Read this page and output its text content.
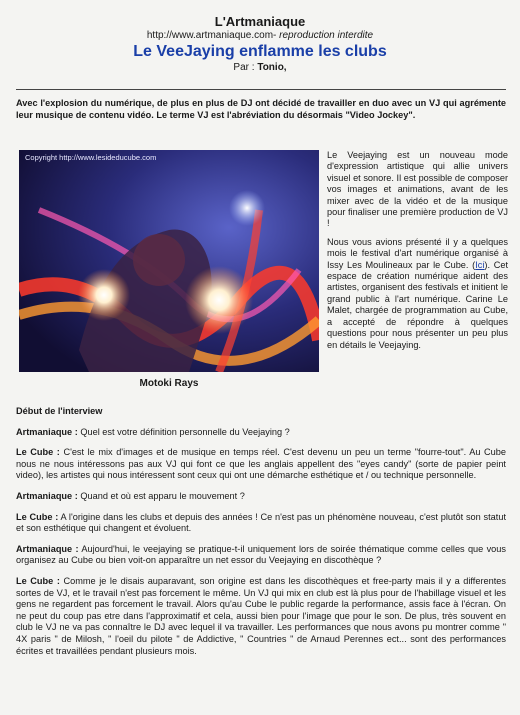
L'Artmaniaque
http://www.artmaniaque.com- reproduction interdite
Le VeeJaying enflamme les clubs
Par : Tonio,
Avec l'explosion du numérique, de plus en plus de DJ ont décidé de travailler en duo avec un VJ qui agrémente leur musique de contenu vidéo. Le terme VJ est l'abréviation du désormais "Video Jockey".
Copyright http://www.lesideducube.com
Motoki Rays

Le Veejaying est un nouveau mode d'expression artistique qui allie univers visuel et sonore. Il est possible de composer vos images et animations, avant de les mixer avec de la vidéo et de la musique pour finaliser une première production de VJ !

Nous vous avions présenté il y a quelques mois le festival d'art numérique organisé à Issy Les Moulineaux par le Cube. (Ici). Cet espace de création numérique aident des artistes, organisent des festivals et initient le grand public à l'art numérique. Carine Le Malet, chargée de programmation au Cube, a accepté de répondre à quelques questions pour nous présenter un peu plus en détails le Veejaying.

Début de l'interview

Artmaniaque : Quel est votre définition personnelle du Veejaying ?

Le Cube : C'est le mix d'images et de musique en temps réel. C'est devenu un peu un terme "fourre-tout". Au Cube nous ne nous intéressons pas aux VJ qui font ce que les anglais appellent des "eyes candy" (sorte de papier peint video), les artistes qui nous intéressent sont ceux qui ont une démarche esthétique et / ou technique personnelle.

Artmaniaque : Quand et où est apparu le mouvement ?

Le Cube : A l'origine dans les clubs et depuis des années ! Ce n'est pas un phénomène nouveau, c'est plutôt son statut et son esthétique qui changent et évoluent.

Artmaniaque : Aujourd'hui, le veejaying se pratique-t-il uniquement lors de soirée thématique comme celles que vous organisez au Cube ou bien voit-on apparaître un net essor du Veejaying en discothèque ?

Le Cube : Comme je le disais auparavant, son origine est dans les discothèques et free-party mais il y a differentes sortes de VJ, et le travail n'est pas forcement le même. Un VJ qui mix en club est là plus pour de l'habillage visuel et les gens ne regardent pas forcement le travail. Alors qu'au Cube le public regarde la performance, assis face à l'écran. On ne peut du coup pas etre dans l'approximatif et cela, aussi bien pour l'image que pour le son. De plus, très souvent en club le VJ ne va pas connaître le DJ avec lequel il va travailler. Les performances que nous avons pu montrer comme " 4X paris " de Milosh, " l'oeil du pilote " de Addictive, " Countries " de Arnaud Perennes ect... sont des performances écrites et travaillées pendant plusieurs mois.
